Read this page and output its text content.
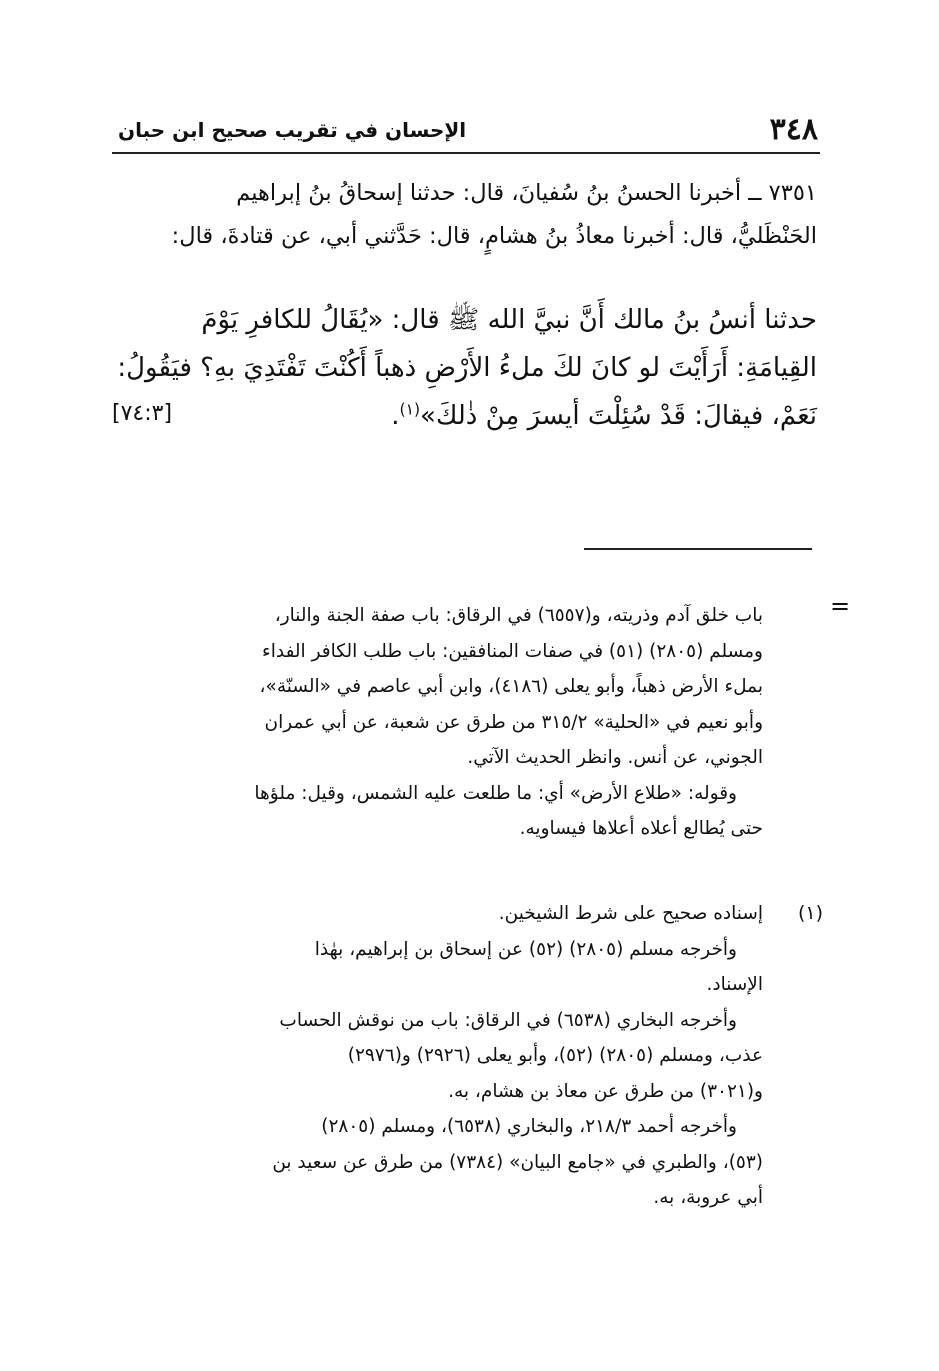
٣٤٨
الإحسان في تقريب صحيح ابن حبان

٧٣٥١ ــ أخبرنا الحسنُ بنُ سُفيانَ، قال: حدثنا إسحاقُ بنُ إبراهيم

الحَنْظَليُّ، قال: أخبرنا معاذُ بنُ هشامٍ، قال: حَدَّثني أبي، عن قتادةَ، قال:

حدثنا أنسُ بنُ مالك أَنَّ نبيَّ الله ﷺ قال: «يُقَالُ للكافرِ يَوْمَ

القِيامَةِ: أَرَأَيْتَ لو كانَ لكَ ملءُ الأَرْضِ ذهباً أَكُنْتَ تَفْتَدِيَ بهِ؟ فيَقُولُ:

نَعَمْ، فيقالَ: قَدْ سُئِلْتَ أيسرَ مِنْ ذٰلكَ»$^{(١)}$.

[٧٤:٣]
=

باب خلق آدم وذريته، و(٦٥٥٧) في الرقاق: باب صفة الجنة والنار،

ومسلم (٢٨٠٥) (٥١) في صفات المنافقين: باب طلب الكافر الفداء

بملء الأرض ذهباً، وأبو يعلى (٤١٨٦)، وابن أبي عاصم في «السنّة»،

وأبو نعيم في «الحلية» ٣١٥/٢ من طرق عن شعبة، عن أبي عمران

الجوني، عن أنس. وانظر الحديث الآتي.

وقوله: «طلاع الأرض» أي: ما طلعت عليه الشمس، وقيل: ملؤها

حتى يُطالع أعلاه أعلاها فيساويه.

(١)

إسناده صحيح على شرط الشيخين.

وأخرجه مسلم (٢٨٠٥) (٥٢) عن إسحاق بن إبراهيم، بهٰذا

الإسناد.

وأخرجه البخاري (٦٥٣٨) في الرقاق: باب من نوقش الحساب

عذب، ومسلم (٢٨٠٥) (٥٢)، وأبو يعلى (٢٩٢٦) و(٢٩٧٦)

و(٣٠٢١) من طرق عن معاذ بن هشام، به.

وأخرجه أحمد ٢١٨/٣، والبخاري (٦٥٣٨)، ومسلم (٢٨٠٥)

(٥٣)، والطبري في «جامع البيان» (٧٣٨٤) من طرق عن سعيد بن

أبي عروبة، به.
